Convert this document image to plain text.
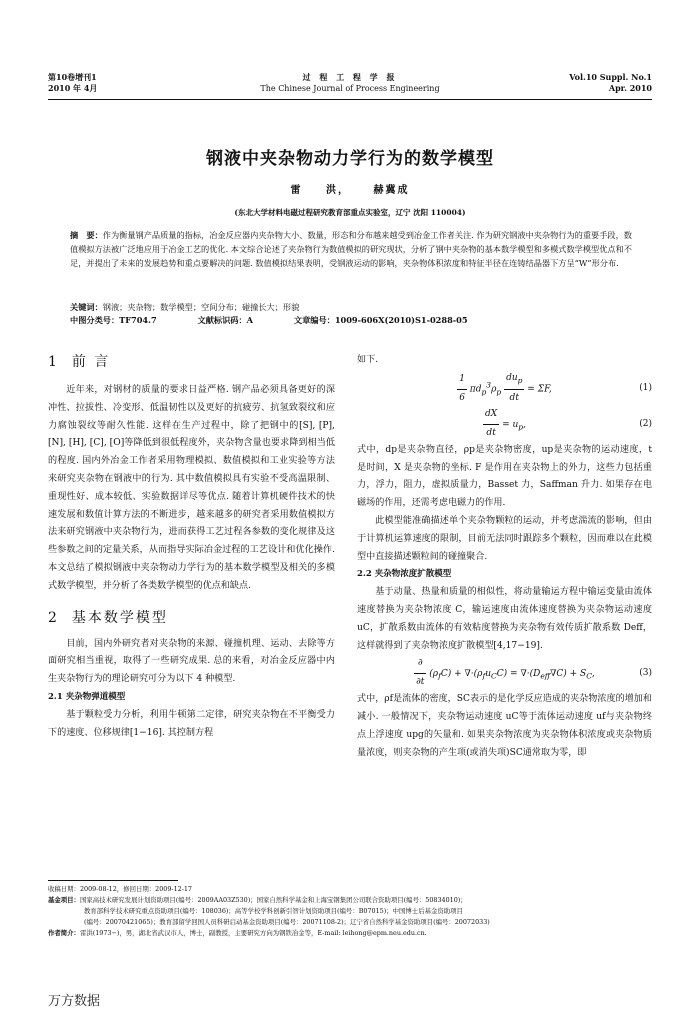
第10卷增刊1
2010 年 4月
过 程 工 程 学 报
The Chinese Journal of Process Engineering
Vol.10 Suppl. No.1
Apr. 2010
钢液中夹杂物动力学行为的数学模型
雷 洪， 赫冀成
(东北大学材料电磁过程研究教育部重点实验室，辽宁 沈阳 110004)
摘　要：作为衡量钢产品质量的指标，冶金反应器内夹杂物大小、数量，形态和分布越来越受到冶金工作者关注. 作为研究钢液中夹杂物行为的重要手段，数值模拟方法被广泛地应用于冶金工艺的优化. 本文综合论述了夹杂物行为数值模拟的研究现状，分析了钢中夹杂物的基本数学模型和多模式数学模型优点和不足，并提出了未来的发展趋势和重点要解决的问题. 数值模拟结果表明，受钢液运动的影响，夹杂物体积浓度和特征半径在连铸结晶器下方呈“W”形分布.
关键词：钢液；夹杂物；数学模型；空间分布；碰撞长大；形貌
中图分类号：TF704.7	文献标识码：A	文章编号：1009-606X(2010)S1-0288-05
1 前 言

近年来，对钢材的质量的要求日益严格. 钢产品必须具备更好的深冲性、拉拔性、冷变形、低温韧性以及更好的抗疲劳、抗氢致裂纹和应力腐蚀裂纹等耐久性能. 这样在生产过程中，除了把钢中的[S], [P], [N], [H], [C], [O]等降低到很低程度外，夹杂物含量也要求降到相当低的程度. 国内外冶金工作者采用物理模拟、数值模拟和工业实验等方法来研究夹杂物在钢液中的行为. 其中数值模拟具有实验不受高温限制、重现性好、成本较低、实验数据详尽等优点. 随着计算机硬件技术的快速发展和数值计算方法的不断进步，越来越多的研究者采用数值模拟方法来研究钢液中夹杂物行为，进而获得工艺过程各参数的变化规律及这些参数之间的定量关系，从而指导实际冶金过程的工艺设计和优化操作. 本文总结了模拟钢液中夹杂物动力学行为的基本数学模型及相关的多模式数学模型，并分析了各类数学模型的优点和缺点.

2 基本数学模型

目前，国内外研究者对夹杂物的来源、碰撞机理、运动、去除等方面研究相当重视，取得了一些研究成果. 总的来看，对冶金反应器中内生夹杂物行为的理论研究可分为以下 4 种模型.

2.1 夹杂物弹道模型

基于颗粒受力分析，利用牛顿第二定律，研究夹杂物在不平衡受力下的速度、位移规律[1−16]. 其控制方程

如下.

$\frac{1}{6} \pi d_p^3\rho_p \frac{du_p}{dt} = \Sigma F$,	(1)
$\frac{dX}{dt} = u_p$,	(2)

式中，dp是夹杂物直径，ρp是夹杂物密度，up是夹杂物的运动速度，t 是时间，X 是夹杂物的坐标. F 是作用在夹杂物上的外力，这些力包括重力，浮力，阻力，虚拟质量力，Basset 力，Saffman 升力. 如果存在电磁场的作用，还需考虑电磁力的作用.

此模型能准确描述单个夹杂物颗粒的运动，并考虑湍流的影响，但由于计算机运算速度的限制，目前无法同时跟踪多个颗粒，因而难以在此模型中直接描述颗粒间的碰撞聚合.

2.2 夹杂物浓度扩散模型

基于动量、热量和质量的相似性，将动量输运方程中输运变量由流体速度替换为夹杂物浓度 C，输运速度由流体速度替换为夹杂物运动速度 uC，扩散系数由流体的有效粘度替换为夹杂物有效传质扩散系数 Deff，这样就得到了夹杂物浓度扩散模型[4,17−19].

$\frac{\partial}{\partial t} (\rho_fC) + \nabla\cdot(\rho_fu_CC) = \nabla\cdot(D_{eff}\nabla C) + S_C$,	(3)

式中，ρf是流体的密度，SC表示的是化学反应造成的夹杂物浓度的增加和减小. 一般情况下，夹杂物运动速度 uC等于流体运动速度 uf与夹杂物终点上浮速度 upg的矢量和. 如果夹杂物浓度为夹杂物体积浓度或夹杂物质量浓度，则夹杂物的产生项(或消失项)SC通常取为零，即

收稿日期：2009-08-12，修回日期：2009-12-17
基金项目：国家高技术研究发展计划资助项目(编号：2009AA03Z530)；国家自然科学基金和上海宝钢集团公司联合资助项目(编号：50834010)；
教育部科学技术研究重点资助项目(编号：108036)；高等学校学科创新引智计划资助项目(编号：B07015)；中国博士后基金资助项目
(编号：20070421065)；教育部留学回国人员科研启动基金资助项目(编号：20071108-2)；辽宁省自然科学基金资助项目(编号：20072033)
作者简介：雷洪(1973−)，男，湖北省武汉市人，博士，副教授，主要研究方向为钢铁冶金等，E-mail: leihong@epm.neu.edu.cn.
万方数据
